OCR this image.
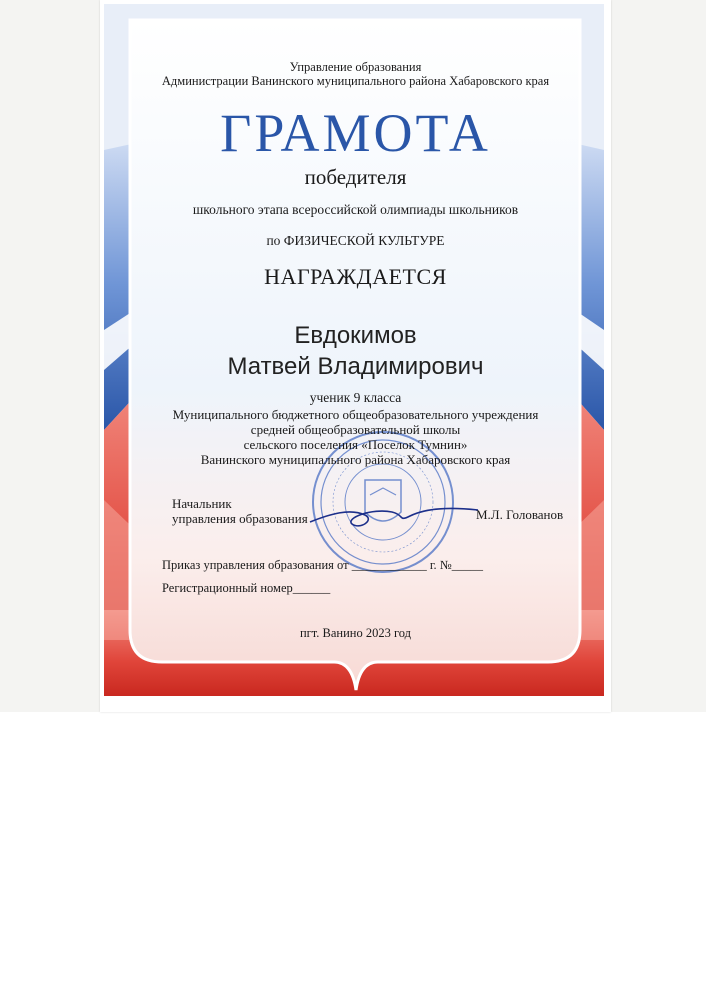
Управление образования
Администрации Ванинского муниципального района Хабаровского края
ГРАМОТА
победителя
школьного этапа всероссийской олимпиады школьников
по ФИЗИЧЕСКОЙ КУЛЬТУРЕ
НАГРАЖДАЕТСЯ
Евдокимов
Матвей Владимирович
ученик 9 класса
Муниципального бюджетного общеобразовательного учреждения
средней общеобразовательной школы
сельского поселения «Поселок Тумнин»
Ванинского муниципального района Хабаровского края
Начальник
управления образования	М.Л. Голованов
Приказ управления образования от ____________ г. №_____
Регистрационный номер______
пгт. Ванино 2023 год
